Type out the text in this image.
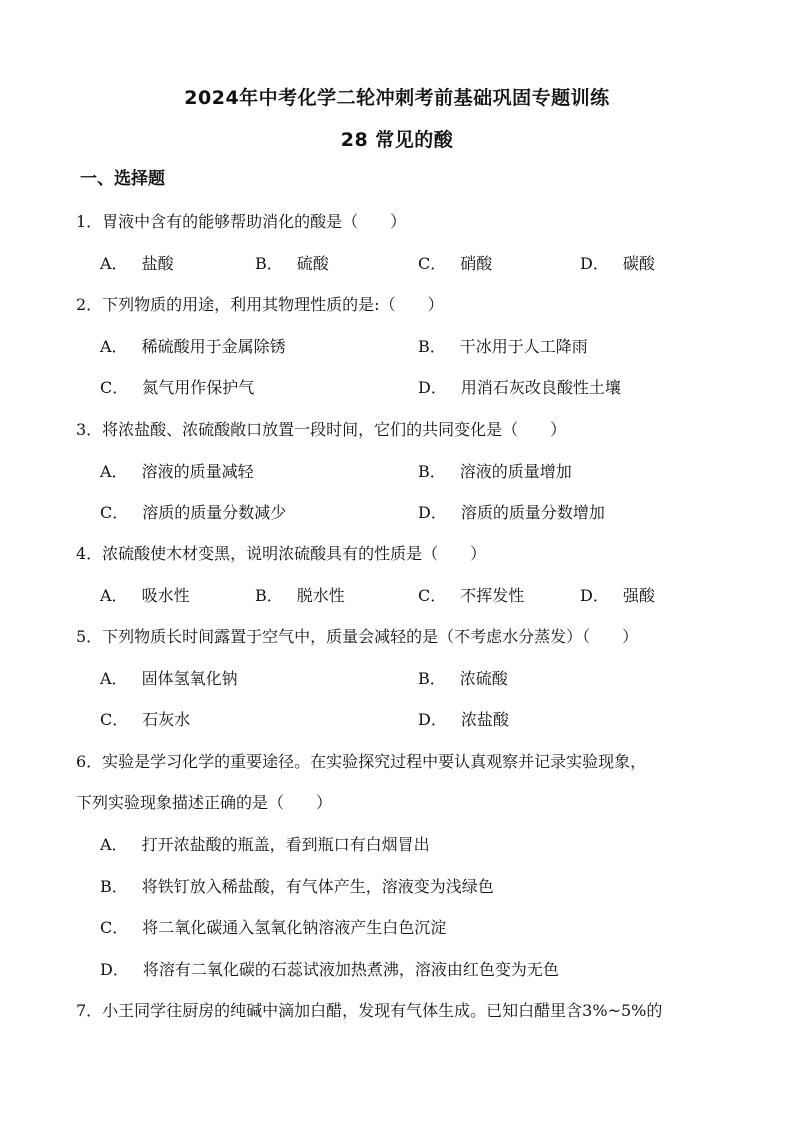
2024年中考化学二轮冲刺考前基础巩固专题训练
28 常见的酸
一、选择题
1．胃液中含有的能够帮助消化的酸是（　　）
A． 盐酸	B． 硫酸	C． 硝酸	D． 碳酸
2．下列物质的用途，利用其物理性质的是:（　　）
A． 稀硫酸用于金属除锈	B． 干冰用于人工降雨
C． 氮气用作保护气	D． 用消石灰改良酸性土壤
3．将浓盐酸、浓硫酸敞口放置一段时间，它们的共同变化是（　　）
A． 溶液的质量减轻	B． 溶液的质量增加
C． 溶质的质量分数减少	D． 溶质的质量分数增加
4．浓硫酸使木材变黑，说明浓硫酸具有的性质是（　　）
A． 吸水性	B． 脱水性	C． 不挥发性	D． 强酸
5．下列物质长时间露置于空气中，质量会减轻的是（不考虑水分蒸发）（　　）
A． 固体氢氧化钠	B． 浓硫酸
C． 石灰水	D． 浓盐酸
6．实验是学习化学的重要途径。在实验探究过程中要认真观察并记录实验现象，
下列实验现象描述正确的是（　　）
A． 打开浓盐酸的瓶盖，看到瓶口有白烟冒出
B． 将铁钉放入稀盐酸，有气体产生，溶液变为浅绿色
C． 将二氧化碳通入氢氧化钠溶液产生白色沉淀
D． 将溶有二氧化碳的石蕊试液加热煮沸，溶液由红色变为无色
7．小王同学往厨房的纯碱中滴加白醋，发现有气体生成。已知白醋里含3%~5%的
